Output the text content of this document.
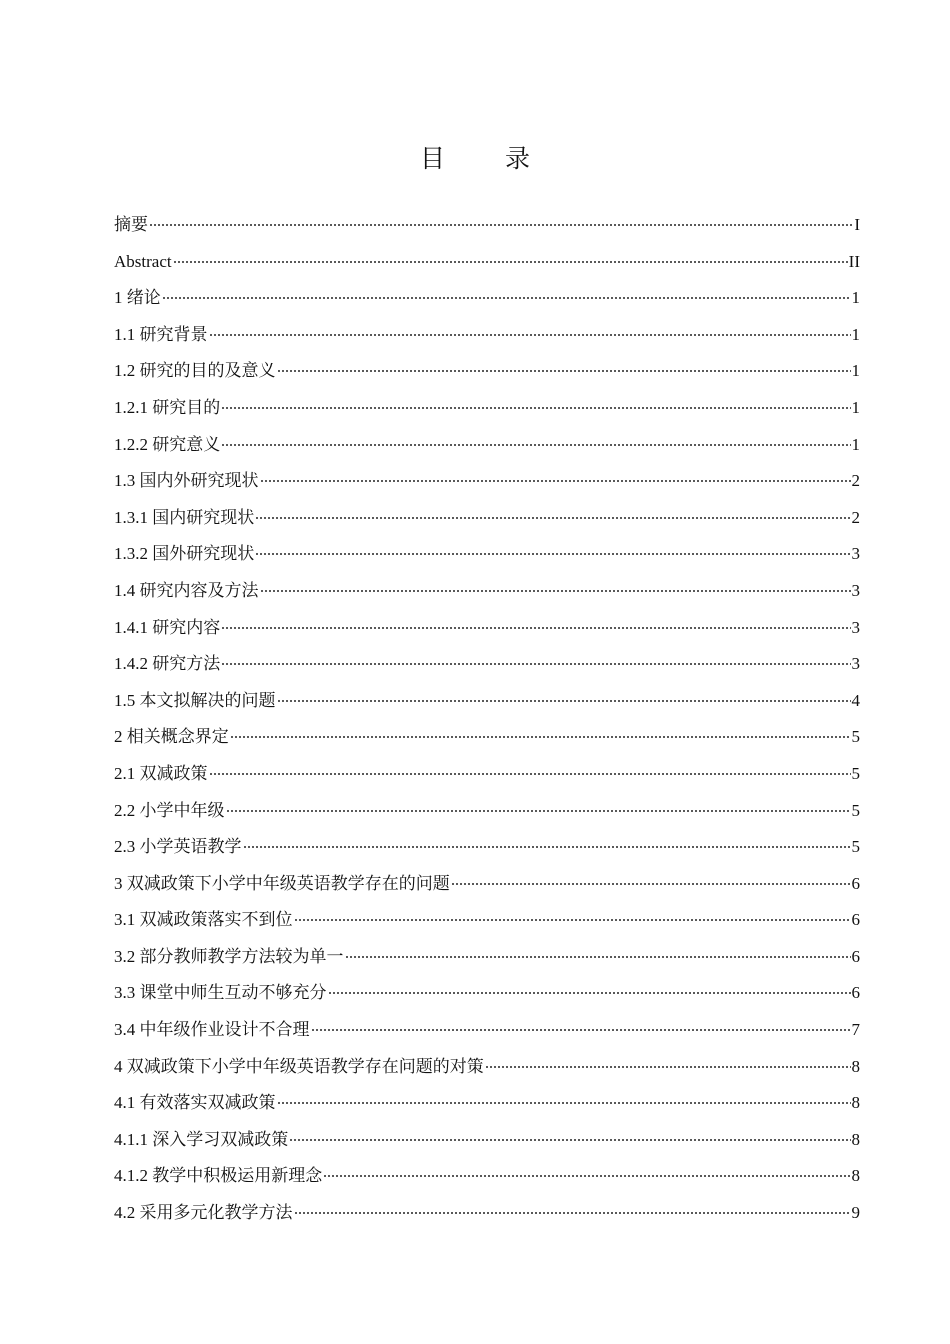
目 录
摘要	I
Abstract	II
1 绪论	1
1.1 研究背景	1
1.2 研究的目的及意义	1
1.2.1 研究目的	1
1.2.2 研究意义	1
1.3 国内外研究现状	2
1.3.1 国内研究现状	2
1.3.2 国外研究现状	3
1.4 研究内容及方法	3
1.4.1 研究内容	3
1.4.2 研究方法	3
1.5 本文拟解决的问题	4
2 相关概念界定	5
2.1 双减政策	5
2.2 小学中年级	5
2.3 小学英语教学	5
3 双减政策下小学中年级英语教学存在的问题	6
3.1 双减政策落实不到位	6
3.2 部分教师教学方法较为单一	6
3.3 课堂中师生互动不够充分	6
3.4 中年级作业设计不合理	7
4 双减政策下小学中年级英语教学存在问题的对策	8
4.1 有效落实双减政策	8
4.1.1 深入学习双减政策	8
4.1.2 教学中积极运用新理念	8
4.2 采用多元化教学方法	9
